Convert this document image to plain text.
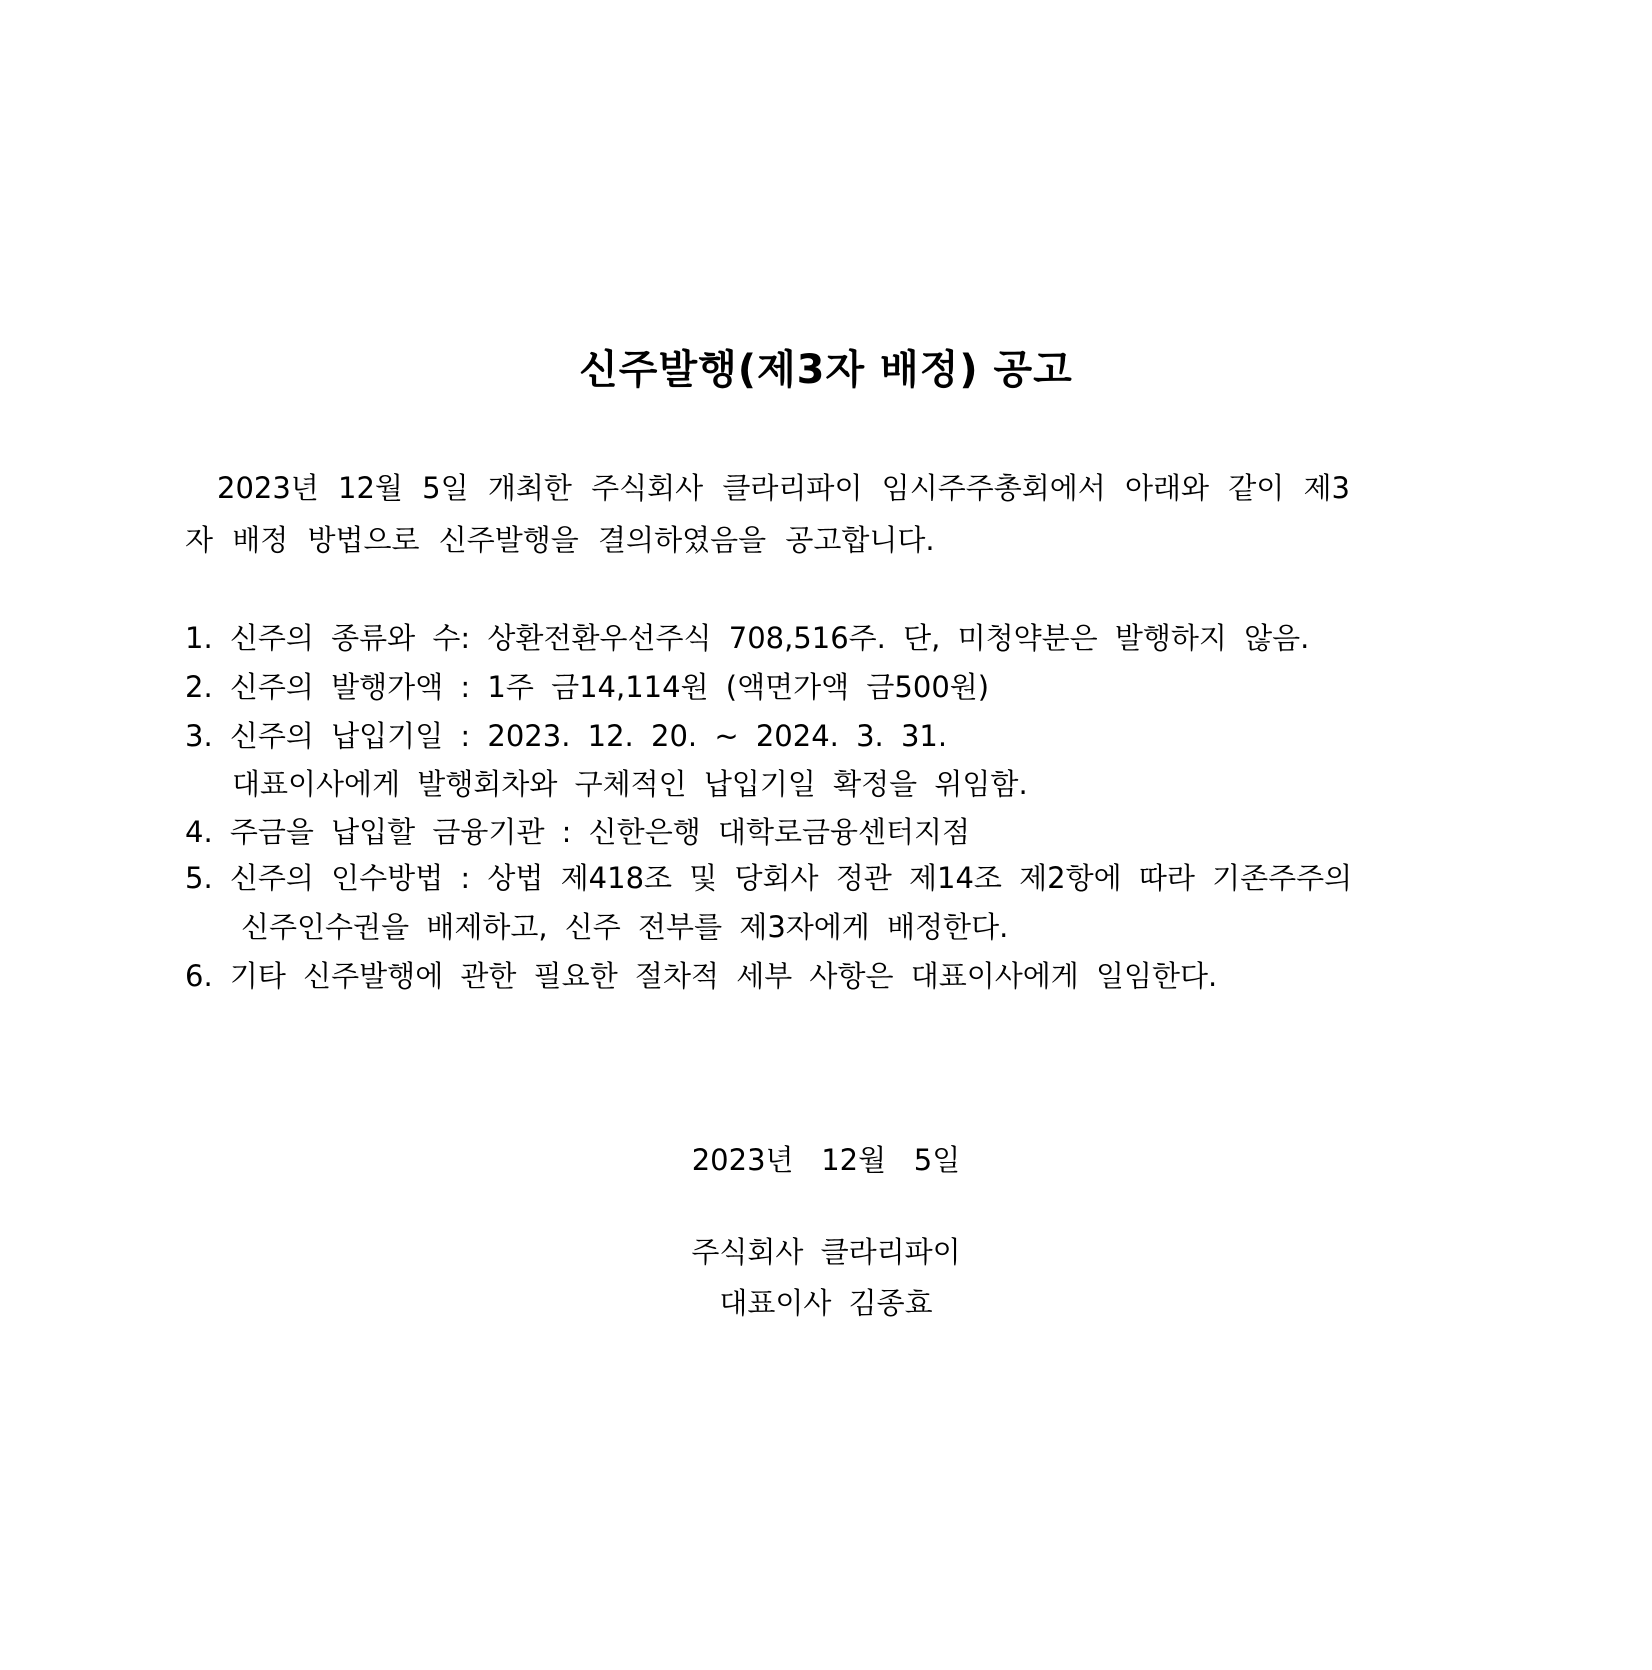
신주발행(제3자 배정) 공고

2023년 12월 5일 개최한 주식회사 클라리파이 임시주주총회에서 아래와 같이 제3
자 배정 방법으로 신주발행을 결의하였음을 공고합니다.

1. 신주의 종류와 수: 상환전환우선주식 708,516주. 단, 미청약분은 발행하지 않음.

2. 신주의 발행가액 : 1주 금14,114원 (액면가액 금500원)

3. 신주의 납입기일 : 2023. 12. 20. ~ 2024. 3. 31.

대표이사에게 발행회차와 구체적인 납입기일 확정을 위임함.

4. 주금을 납입할 금융기관 : 신한은행 대학로금융센터지점

5. 신주의 인수방법 : 상법 제418조 및 당회사 정관 제14조 제2항에 따라 기존주주의

신주인수권을 배제하고, 신주 전부를 제3자에게 배정한다.

6. 기타 신주발행에 관한 필요한 절차적 세부 사항은 대표이사에게 일임한다.

2023년   12월   5일

주식회사 클라리파이

대표이사 김종효
